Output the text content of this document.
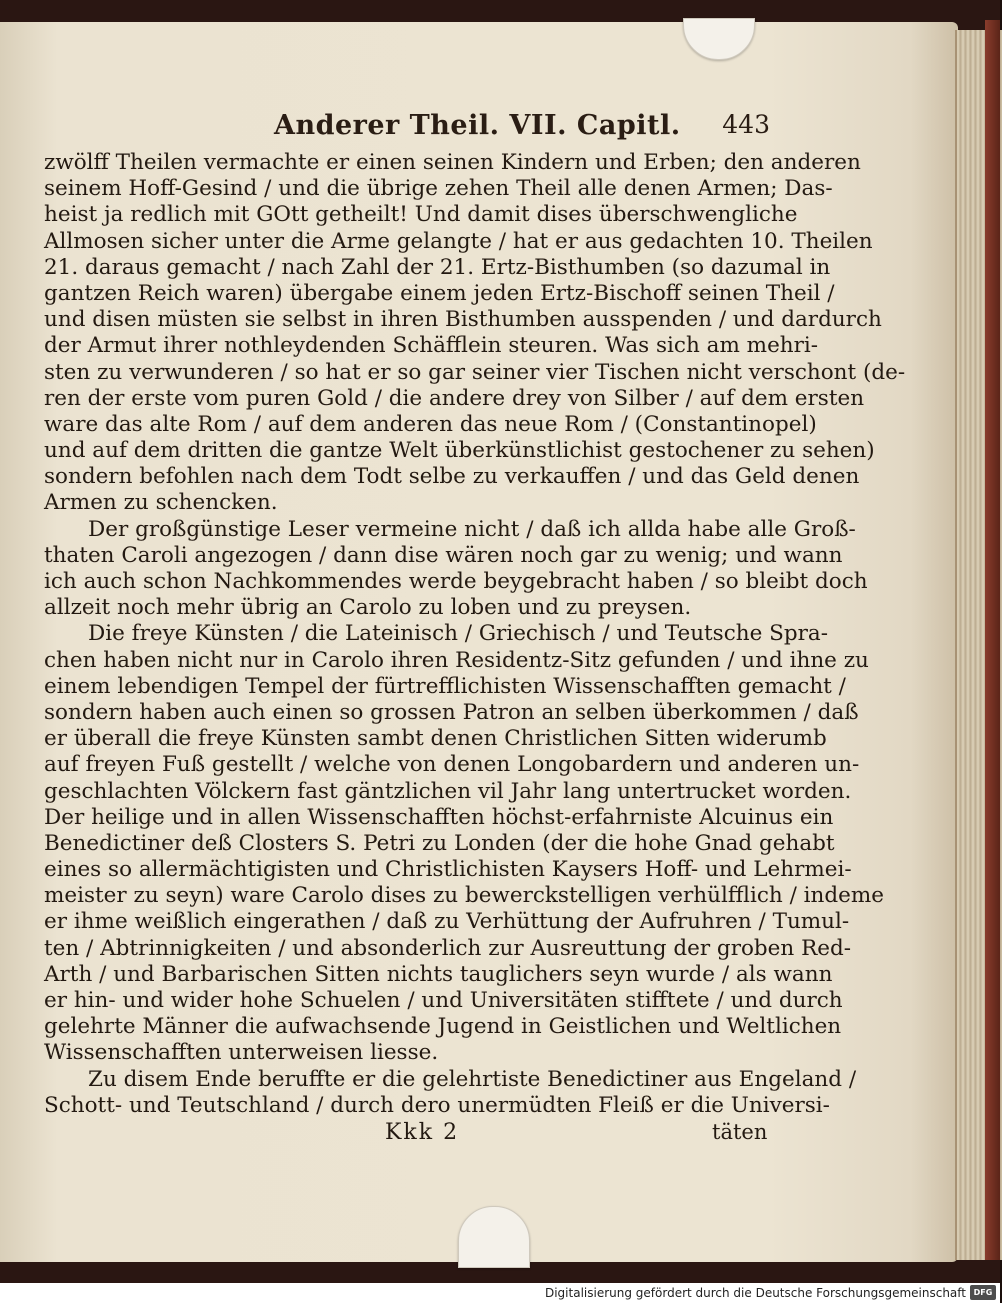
Anderer Theil. VII. Capitl. 443
zwölff Theilen vermachte er einen seinen Kindern und Erben; den anderen
seinem Hoff-Gesind / und die übrige zehen Theil alle denen Armen; Das-
heist ja redlich mit GOtt getheilt! Und damit dises überschwengliche
Allmosen sicher unter die Arme gelangte / hat er aus gedachten 10. Theilen
21. daraus gemacht / nach Zahl der 21. Ertz-Bisthumben (so dazumal in
gantzen Reich waren) übergabe einem jeden Ertz-Bischoff seinen Theil /
und disen müsten sie selbst in ihren Bisthumben ausspenden / und dardurch
der Armut ihrer nothleydenden Schäfflein steuren. Was sich am mehri-
sten zu verwunderen / so hat er so gar seiner vier Tischen nicht verschont (de-
ren der erste vom puren Gold / die andere drey von Silber / auf dem ersten
ware das alte Rom / auf dem anderen das neue Rom / (Constantinopel)
und auf dem dritten die gantze Welt überkünstlichist gestochener zu sehen)
sondern befohlen nach dem Todt selbe zu verkauffen / und das Geld denen
Armen zu schencken.
Der großgünstige Leser vermeine nicht / daß ich allda habe alle Groß-
thaten Caroli angezogen / dann dise wären noch gar zu wenig; und wann
ich auch schon Nachkommendes werde beygebracht haben / so bleibt doch
allzeit noch mehr übrig an Carolo zu loben und zu preysen.
Die freye Künsten / die Lateinisch / Griechisch / und Teutsche Spra-
chen haben nicht nur in Carolo ihren Residentz-Sitz gefunden / und ihne zu
einem lebendigen Tempel der fürtrefflichisten Wissenschafften gemacht /
sondern haben auch einen so grossen Patron an selben überkommen / daß
er überall die freye Künsten sambt denen Christlichen Sitten widerumb
auf freyen Fuß gestellt / welche von denen Longobardern und anderen un-
geschlachten Völckern fast gäntzlichen vil Jahr lang untertrucket worden.
Der heilige und in allen Wissenschafften höchst-erfahrniste Alcuinus ein
Benedictiner deß Closters S. Petri zu Londen (der die hohe Gnad gehabt
eines so allermächtigisten und Christlichisten Kaysers Hoff- und Lehrmei-
meister zu seyn) ware Carolo dises zu bewerckstelligen verhülfflich / indeme
er ihme weißlich eingerathen / daß zu Verhüttung der Aufruhren / Tumul-
ten / Abtrinnigkeiten / und absonderlich zur Ausreuttung der groben Red-
Arth / und Barbarischen Sitten nichts tauglichers seyn wurde / als wann
er hin- und wider hohe Schuelen / und Universitäten stifftete / und durch
gelehrte Männer die aufwachsende Jugend in Geistlichen und Weltlichen
Wissenschafften unterweisen liesse.
Zu disem Ende beruffte er die gelehrtiste Benedictiner aus Engeland /
Schott- und Teutschland / durch dero unermüdten Fleiß er die Universi-
Kkk 2	täten
Digitalisierung gefördert durch die Deutsche Forschungsgemeinschaft DFG
